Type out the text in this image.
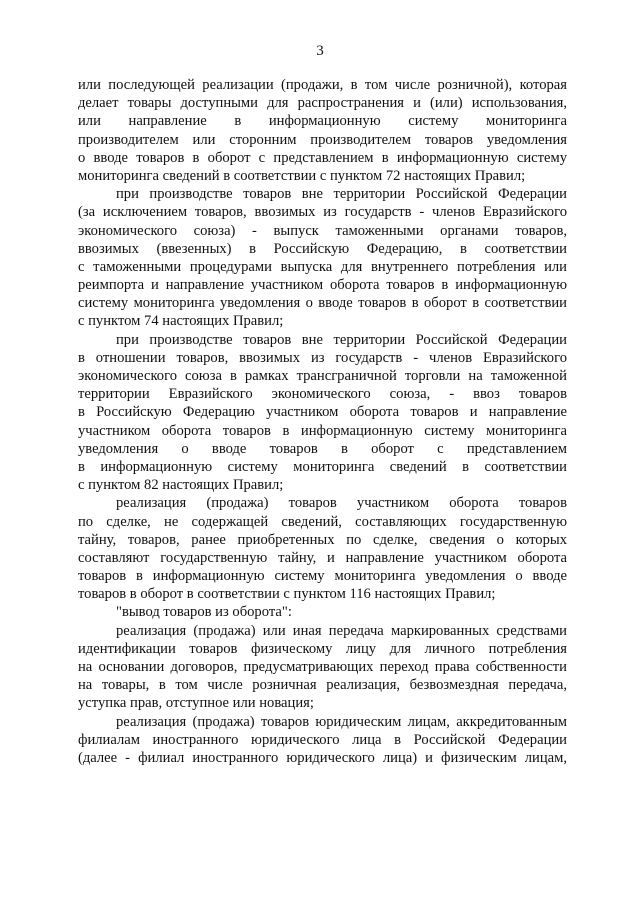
3
или последующей реализации (продажи, в том числе розничной), которая
делает товары доступными для распространения и (или) использования,
или направление в информационную систему мониторинга
производителем или сторонним производителем товаров уведомления
о вводе товаров в оборот с представлением в информационную систему
мониторинга сведений в соответствии с пунктом 72 настоящих Правил;
при производстве товаров вне территории Российской Федерации
(за исключением товаров, ввозимых из государств - членов Евразийского
экономического союза) - выпуск таможенными органами товаров,
ввозимых (ввезенных) в Российскую Федерацию, в соответствии
с таможенными процедурами выпуска для внутреннего потребления или
реимпорта и направление участником оборота товаров в информационную
систему мониторинга уведомления о вводе товаров в оборот в соответствии
с пунктом 74 настоящих Правил;
при производстве товаров вне территории Российской Федерации
в отношении товаров, ввозимых из государств - членов Евразийского
экономического союза в рамках трансграничной торговли на таможенной
территории Евразийского экономического союза, - ввоз товаров
в Российскую Федерацию участником оборота товаров и направление
участником оборота товаров в информационную систему мониторинга
уведомления о вводе товаров в оборот с представлением
в информационную систему мониторинга сведений в соответствии
с пунктом 82 настоящих Правил;
реализация (продажа) товаров участником оборота товаров
по сделке, не содержащей сведений, составляющих государственную
тайну, товаров, ранее приобретенных по сделке, сведения о которых
составляют государственную тайну, и направление участником оборота
товаров в информационную систему мониторинга уведомления о вводе
товаров в оборот в соответствии с пунктом 116 настоящих Правил;
"вывод товаров из оборота":
реализация (продажа) или иная передача маркированных средствами
идентификации товаров физическому лицу для личного потребления
на основании договоров, предусматривающих переход права собственности
на товары, в том числе розничная реализация, безвозмездная передача,
уступка прав, отступное или новация;
реализация (продажа) товаров юридическим лицам, аккредитованным
филиалам иностранного юридического лица в Российской Федерации
(далее - филиал иностранного юридического лица) и физическим лицам,
